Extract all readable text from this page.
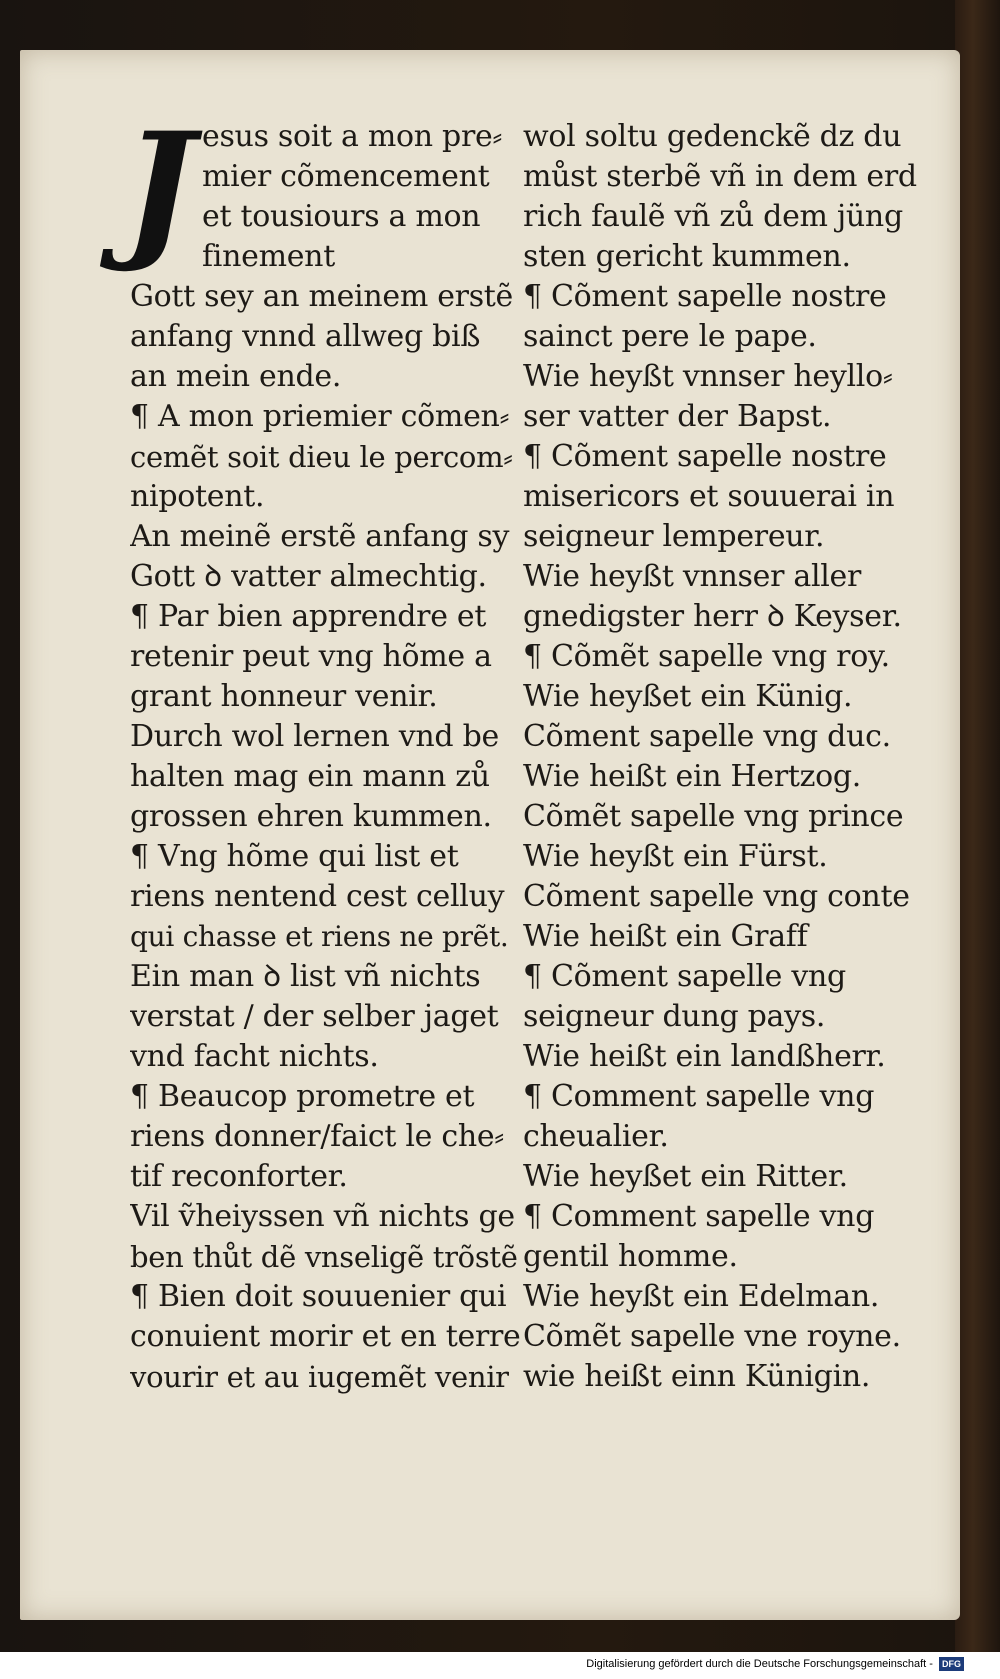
J esus soit a mon pre⸗
mier cõmencement
et tousiours a mon
finement
Gott sey an meinem erstẽ
anfang vnnd allweg biß
an mein ende.
¶ A mon priemier cõmen⸗
cemẽt soit dieu le percom⸗
nipotent.
An meinẽ erstẽ anfang sy
Gott ꝺ vatter almechtig.
¶ Par bien apprendre et
retenir peut vng hõme a
grant honneur venir.
Durch wol lernen vnd be
halten mag ein mann zů
grossen ehren kummen.
¶ Vng hõme qui list et
riens nentend cest celluy
qui chasse et riens ne prẽt.
Ein man ꝺ list vñ nichts
verstat / der selber jaget
vnd facht nichts.
¶ Beaucop prometre et
riens donner/faict le che⸗
tif reconforter.
Vil ṽheiyssen vñ nichts ge
ben thůt dẽ vnseligẽ trõstẽ
¶ Bien doit souuenier qui
conuient morir et en terre
vourir et au iugemẽt venir
wol soltu gedenckẽ dz du
můst sterbẽ vñ in dem erd
rich faulẽ vñ zů dem jüng
sten gericht kummen.
¶ Cõment sapelle nostre
sainct pere le pape.
Wie heyßt vnnser heyllo⸗
ser vatter der Bapst.
¶ Cõment sapelle nostre
misericors et souuerai in
seigneur lempereur.
Wie heyßt vnnser aller
gnedigster herr ꝺ Keyser.
¶ Cõmẽt sapelle vng roy.
Wie heyßet ein Künig.
Cõment sapelle vng duc.
Wie heißt ein Hertzog.
Cõmẽt sapelle vng prince
Wie heyßt ein Fürst.
Cõment sapelle vng conte
Wie heißt ein Graff
¶ Cõment sapelle vng
seigneur dung pays.
Wie heißt ein landßherr.
¶ Comment sapelle vng
cheualier.
Wie heyßet ein Ritter.
¶ Comment sapelle vng
gentil homme.
Wie heyßt ein Edelman.
Cõmẽt sapelle vne royne.
wie heißt einn Künigin.
Digitalisierung gefördert durch die Deutsche Forschungsgemeinschaft - DFG
